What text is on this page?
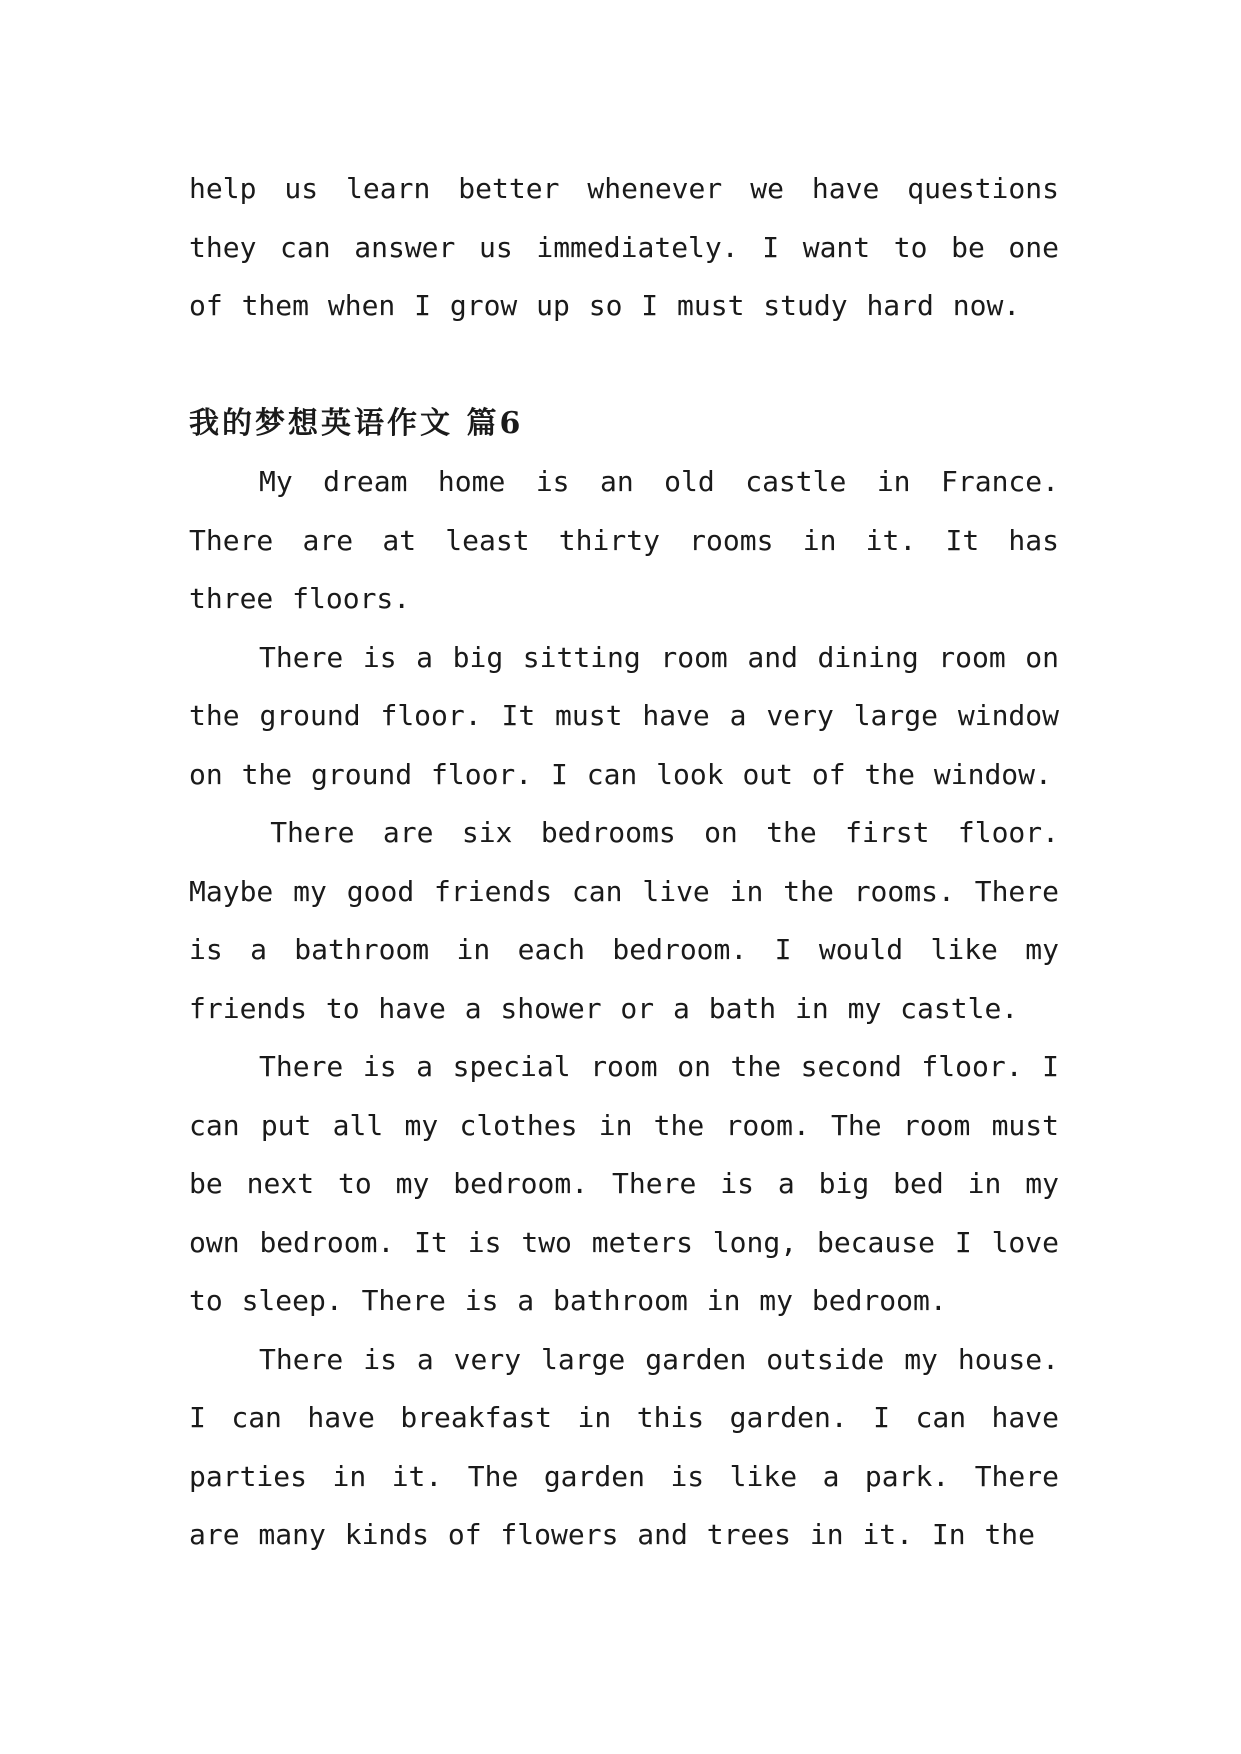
help us learn better whenever we have questions they can answer us immediately. I want to be one of them when I grow up so I must study hard now.

我的梦想英语作文 篇6

My dream home is an old castle in France. There are at least thirty rooms in it. It has three floors.

There is a big sitting room and dining room on the ground floor. It must have a very large window on the ground floor. I can look out of the window.

There are six bedrooms on the first floor. Maybe my good friends can live in the rooms. There is a bathroom in each bedroom. I would like my friends to have a shower or a bath in my castle.

There is a special room on the second floor. I can put all my clothes in the room. The room must be next to my bedroom. There is a big bed in my own bedroom. It is two meters long, because I love to sleep. There is a bathroom in my bedroom.

There is a very large garden outside my house. I can have breakfast in this garden. I can have parties in it. The garden is like a park. There are many kinds of flowers and trees in it. In the
